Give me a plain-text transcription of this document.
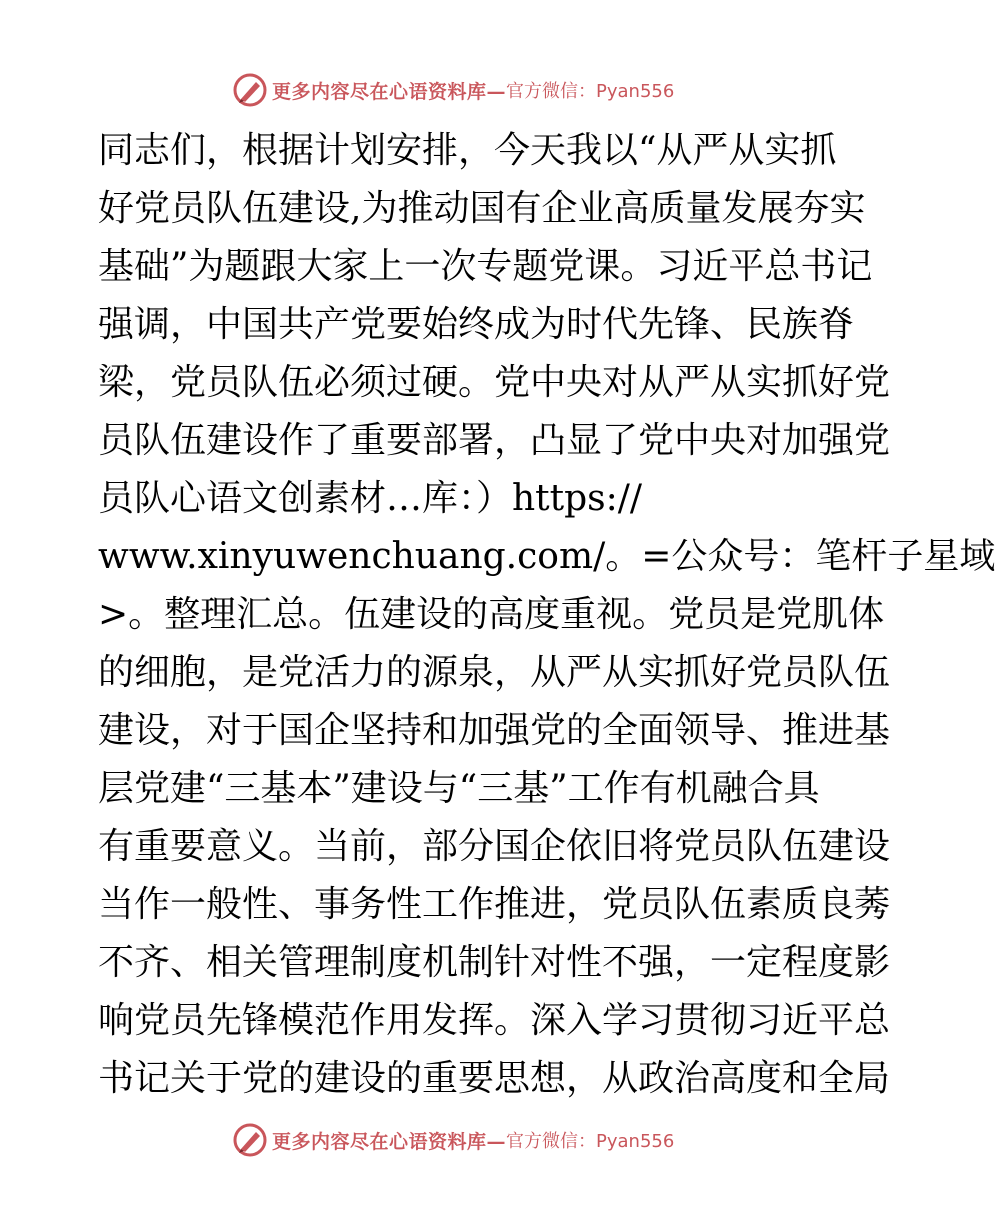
更多内容尽在心语资料库— 官方微信：Pyan556
同志们，根据计划安排，今天我以“从严从实抓
好党员队伍建设,为推动国有企业高质量发展夯实
基础”为题跟大家上一次专题党课。习近平总书记
强调，中国共产党要始终成为时代先锋、民族脊
梁，党员队伍必须过硬。党中央对从严从实抓好党
员队伍建设作了重要部署，凸显了党中央对加强党
员队心语文创素材…库：）https://
www.xinyuwenchuang.com/。=公众号：笔杆子星域
>。整理汇总。伍建设的高度重视。党员是党肌体
的细胞，是党活力的源泉，从严从实抓好党员队伍
建设，对于国企坚持和加强党的全面领导、推进基
层党建“三基本”建设与“三基”工作有机融合具
有重要意义。当前，部分国企依旧将党员队伍建设
当作一般性、事务性工作推进，党员队伍素质良莠
不齐、相关管理制度机制针对性不强，一定程度影
响党员先锋模范作用发挥。深入学习贯彻习近平总
书记关于党的建设的重要思想，从政治高度和全局
更多内容尽在心语资料库— 官方微信：Pyan556
